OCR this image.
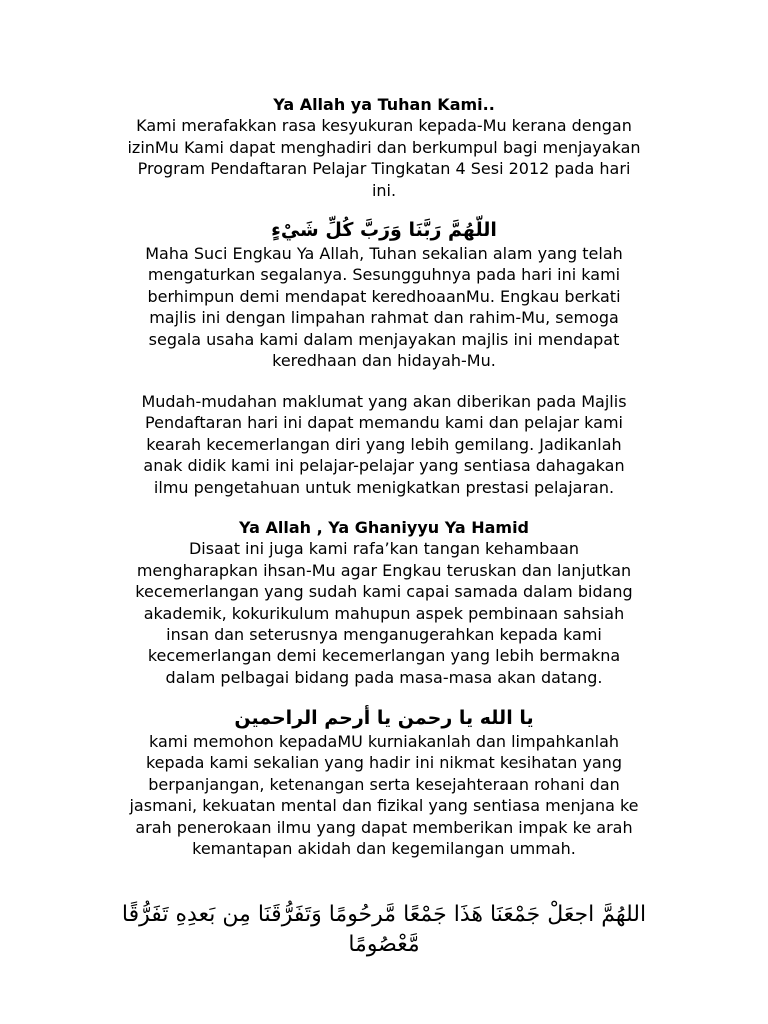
Ya Allah ya Tuhan Kami..
Kami merafakkan rasa kesyukuran kepada-Mu kerana dengan
izinMu Kami dapat menghadiri dan berkumpul bagi menjayakan
Program Pendaftaran Pelajar Tingkatan 4 Sesi 2012 pada hari
ini.

اللّهُمَّ رَبَّنَا وَرَبَّ كُلِّ شَيْءٍ

Maha Suci Engkau Ya Allah, Tuhan sekalian alam yang telah
mengaturkan segalanya. Sesungguhnya pada hari ini kami
berhimpun demi mendapat keredhoaanMu. Engkau berkati
majlis ini dengan limpahan rahmat dan rahim-Mu, semoga
segala usaha kami dalam menjayakan majlis ini mendapat
keredhaan dan hidayah-Mu.
Mudah-mudahan maklumat yang akan diberikan pada Majlis
Pendaftaran hari ini dapat memandu kami dan pelajar kami
kearah kecemerlangan diri yang lebih gemilang. Jadikanlah
anak didik kami ini pelajar-pelajar yang sentiasa dahagakan
ilmu pengetahuan untuk menigkatkan prestasi pelajaran.
Ya Allah , Ya Ghaniyyu Ya Hamid
Disaat ini juga kami rafa’kan tangan kehambaan
mengharapkan ihsan-Mu agar Engkau teruskan dan lanjutkan
kecemerlangan yang sudah kami capai samada dalam bidang
akademik, kokurikulum mahupun aspek pembinaan sahsiah
insan dan seterusnya menganugerahkan kepada kami
kecemerlangan demi kecemerlangan yang lebih bermakna
dalam pelbagai bidang pada masa-masa akan datang.

يا الله يا رحمن يا أرحم الراحمين

kami memohon kepadaMU kurniakanlah dan limpahkanlah
kepada kami sekalian yang hadir ini nikmat kesihatan yang
berpanjangan, ketenangan serta kesejahteraan rohani dan
jasmani, kekuatan mental dan fizikal yang sentiasa menjana ke
arah penerokaan ilmu yang dapat memberikan impak ke arah
kemantapan akidah dan kegemilangan ummah.
اللهُمَّ اجعَلْ جَمْعَنَا هَذَا جَمْعًا مَّرحُومًا وَتَفَرُّقَنَا مِن بَعدِهِ تَفَرُّقًا
مَّعْصُومًا
